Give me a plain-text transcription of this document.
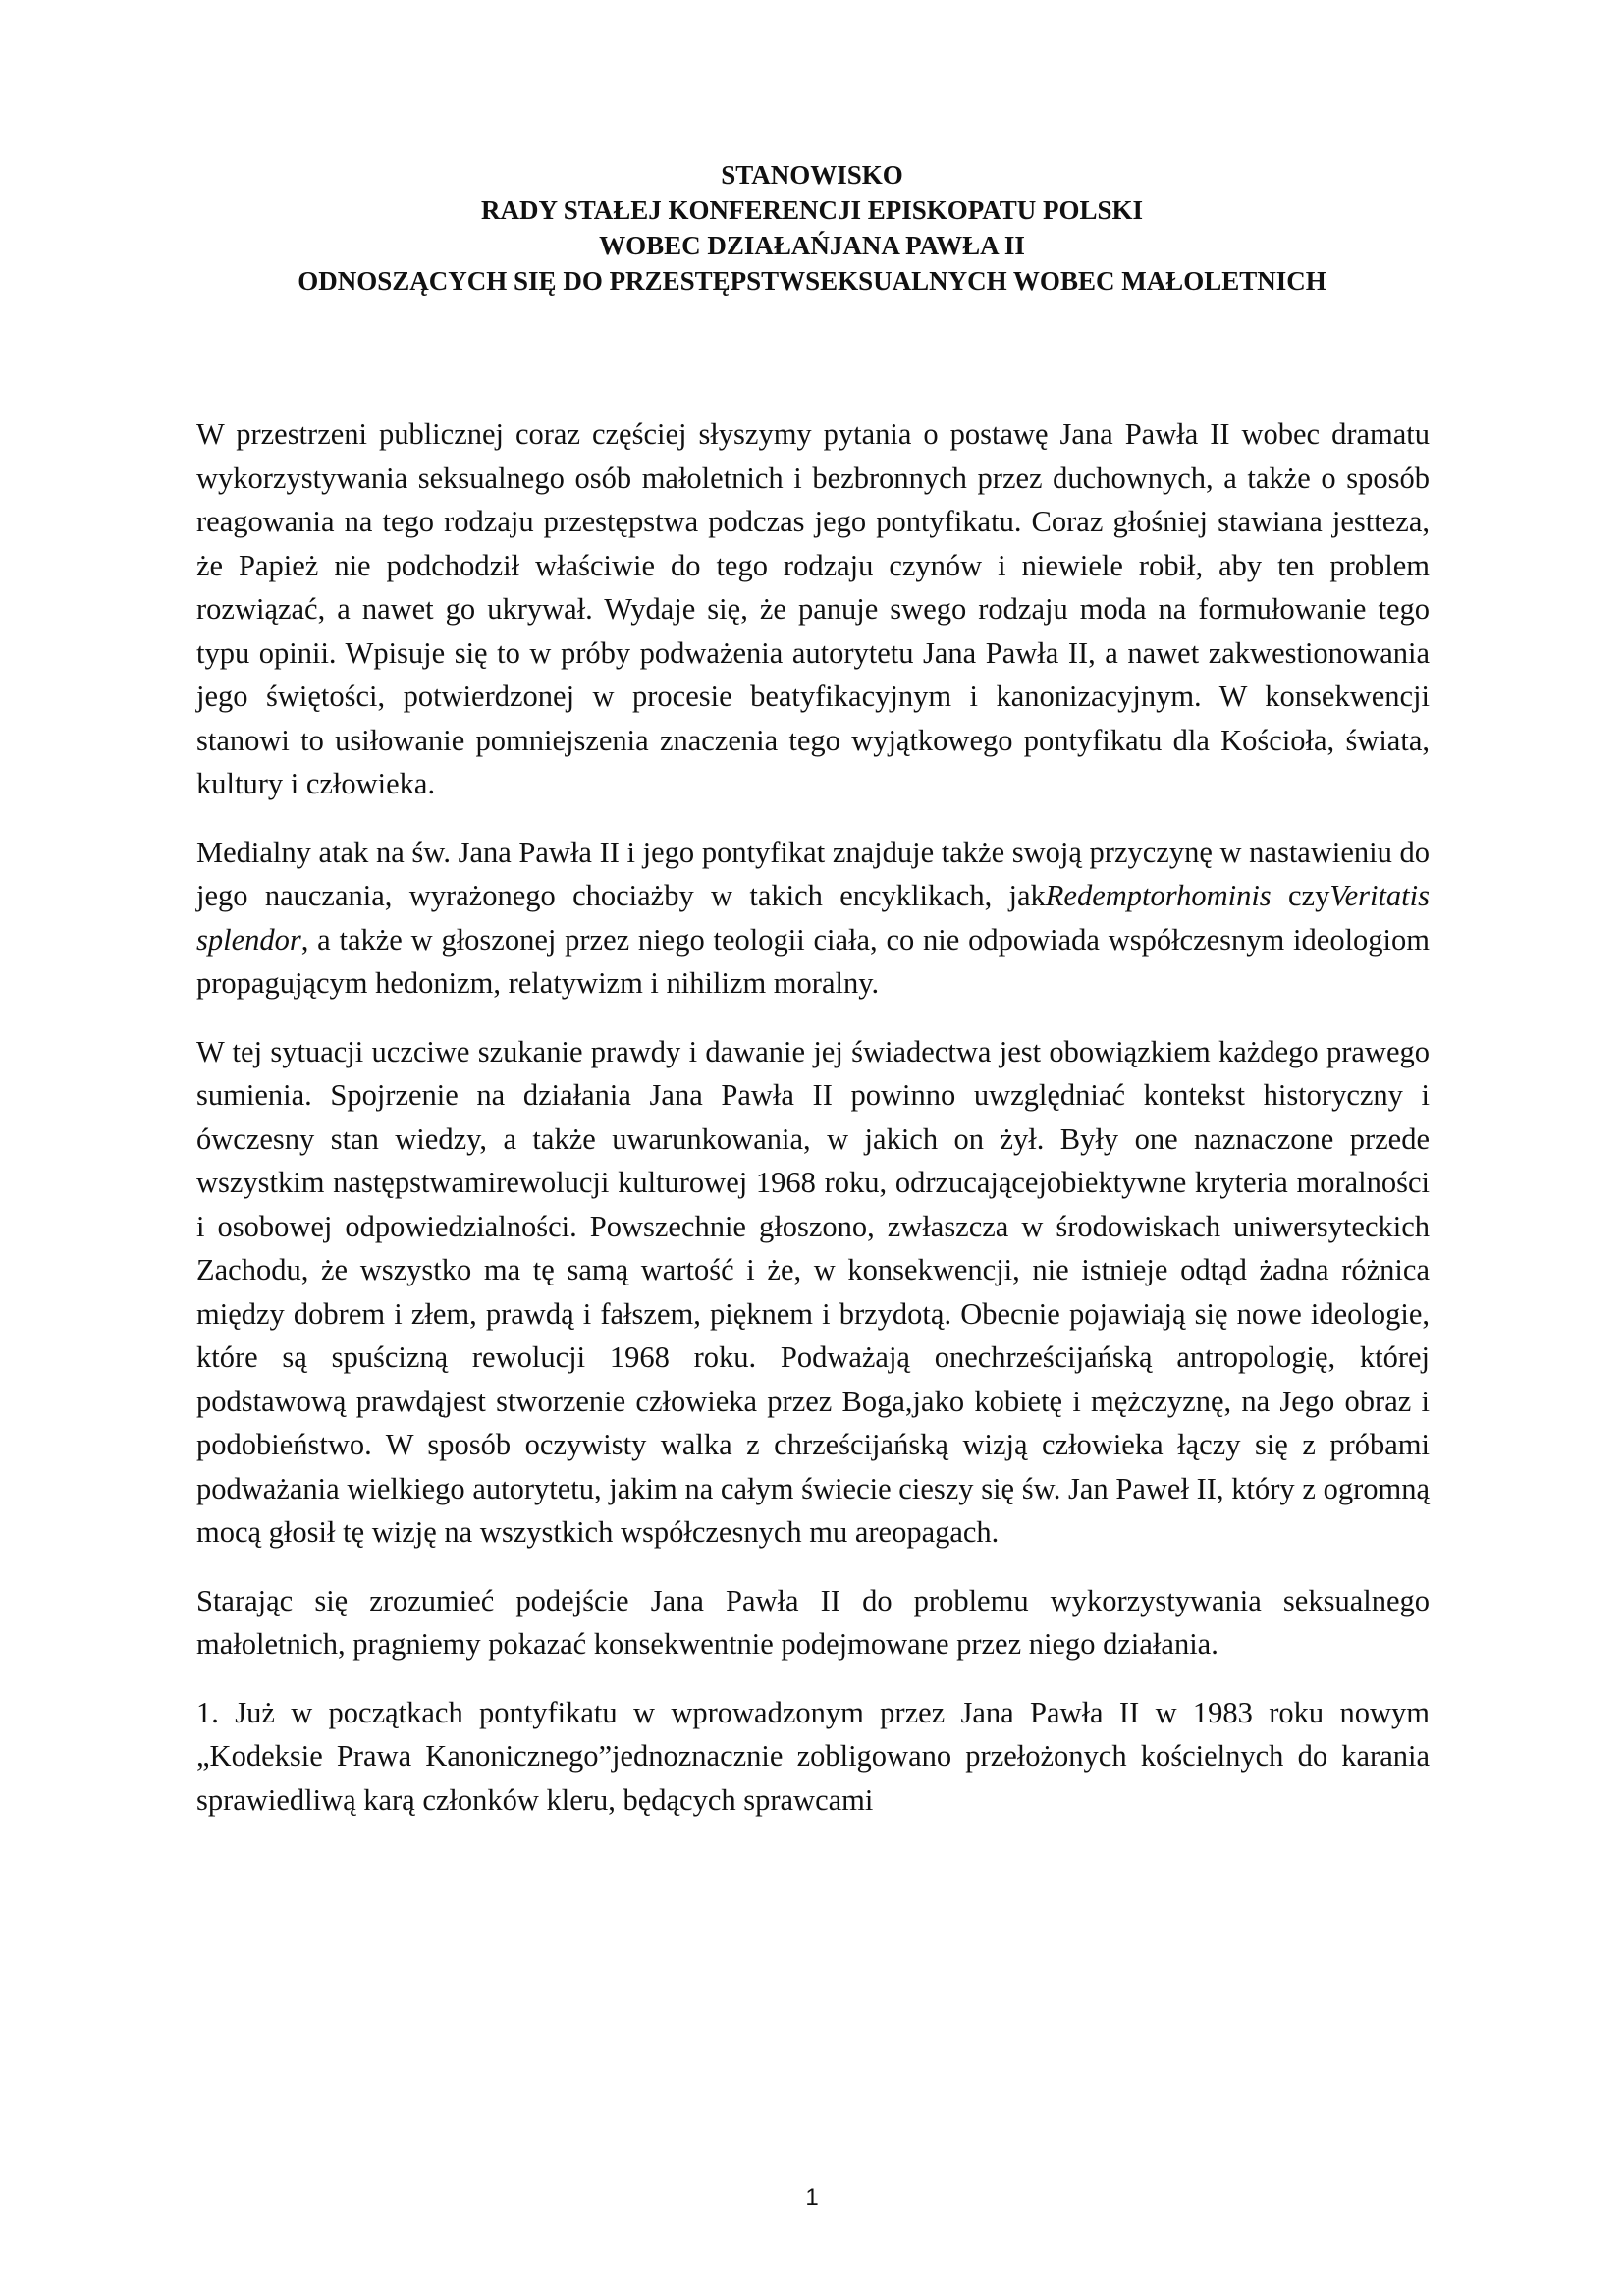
STANOWISKO
RADY STAŁEJ KONFERENCJI EPISKOPATU POLSKI
WOBEC DZIAŁAŃJANA PAWŁA II
ODNOSZĄCYCH SIĘ DO PRZESTĘPSTWSEKSUALNYCH WOBEC MAŁOLETNICH

W przestrzeni publicznej coraz częściej słyszymy pytania o postawę Jana Pawła II wobec dramatu wykorzystywania seksualnego osób małoletnich i bezbronnych przez duchownych, a także o sposób reagowania na tego rodzaju przestępstwa podczas jego pontyfikatu. Coraz głośniej stawiana jestteza, że Papież nie podchodził właściwie do tego rodzaju czynów i niewiele robił, aby ten problem rozwiązać, a nawet go ukrywał. Wydaje się, że panuje swego rodzaju moda na formułowanie tego typu opinii. Wpisuje się to w próby podważenia autorytetu Jana Pawła II, a nawet zakwestionowania jego świętości, potwierdzonej w procesie beatyfikacyjnym i kanonizacyjnym. W konsekwencji stanowi to usiłowanie pomniejszenia znaczenia tego wyjątkowego pontyfikatu dla Kościoła, świata, kultury i człowieka.

Medialny atak na św. Jana Pawła II i jego pontyfikat znajduje także swoją przyczynę w nastawieniu do jego nauczania, wyrażonego chociażby w takich encyklikach, jakRedemptorhominis czyVeritatis splendor, a także w głoszonej przez niego teologii ciała, co nie odpowiada współczesnym ideologiom propagującym hedonizm, relatywizm i nihilizm moralny.

W tej sytuacji uczciwe szukanie prawdy i dawanie jej świadectwa jest obowiązkiem każdego prawego sumienia. Spojrzenie na działania Jana Pawła II powinno uwzględniać kontekst historyczny i ówczesny stan wiedzy, a także uwarunkowania, w jakich on żył. Były one naznaczone przede wszystkim następstwamirewolucji kulturowej 1968 roku, odrzucającejobiektywne kryteria moralności i osobowej odpowiedzialności. Powszechnie głoszono, zwłaszcza w środowiskach uniwersyteckich Zachodu, że wszystko ma tę samą wartość i że, w konsekwencji, nie istnieje odtąd żadna różnica między dobrem i złem, prawdą i fałszem, pięknem i brzydotą. Obecnie pojawiają się nowe ideologie, które są spuścizną rewolucji 1968 roku. Podważają onechrześcijańską antropologię, której podstawową prawdąjest stworzenie człowieka przez Boga,jako kobietę i mężczyznę, na Jego obraz i podobieństwo. W sposób oczywisty walka z chrześcijańską wizją człowieka łączy się z próbami podważania wielkiego autorytetu, jakim na całym świecie cieszy się św. Jan Paweł II, który z ogromną mocą głosił tę wizję na wszystkich współczesnych mu areopagach.

Starając się zrozumieć podejście Jana Pawła II do problemu wykorzystywania seksualnego małoletnich, pragniemy pokazać konsekwentnie podejmowane przez niego działania.

1. Już w początkach pontyfikatu w wprowadzonym przez Jana Pawła II w 1983 roku nowym „Kodeksie Prawa Kanonicznego”jednoznacznie zobligowano przełożonych kościelnych do karania sprawiedliwą karą członków kleru, będących sprawcami

1
